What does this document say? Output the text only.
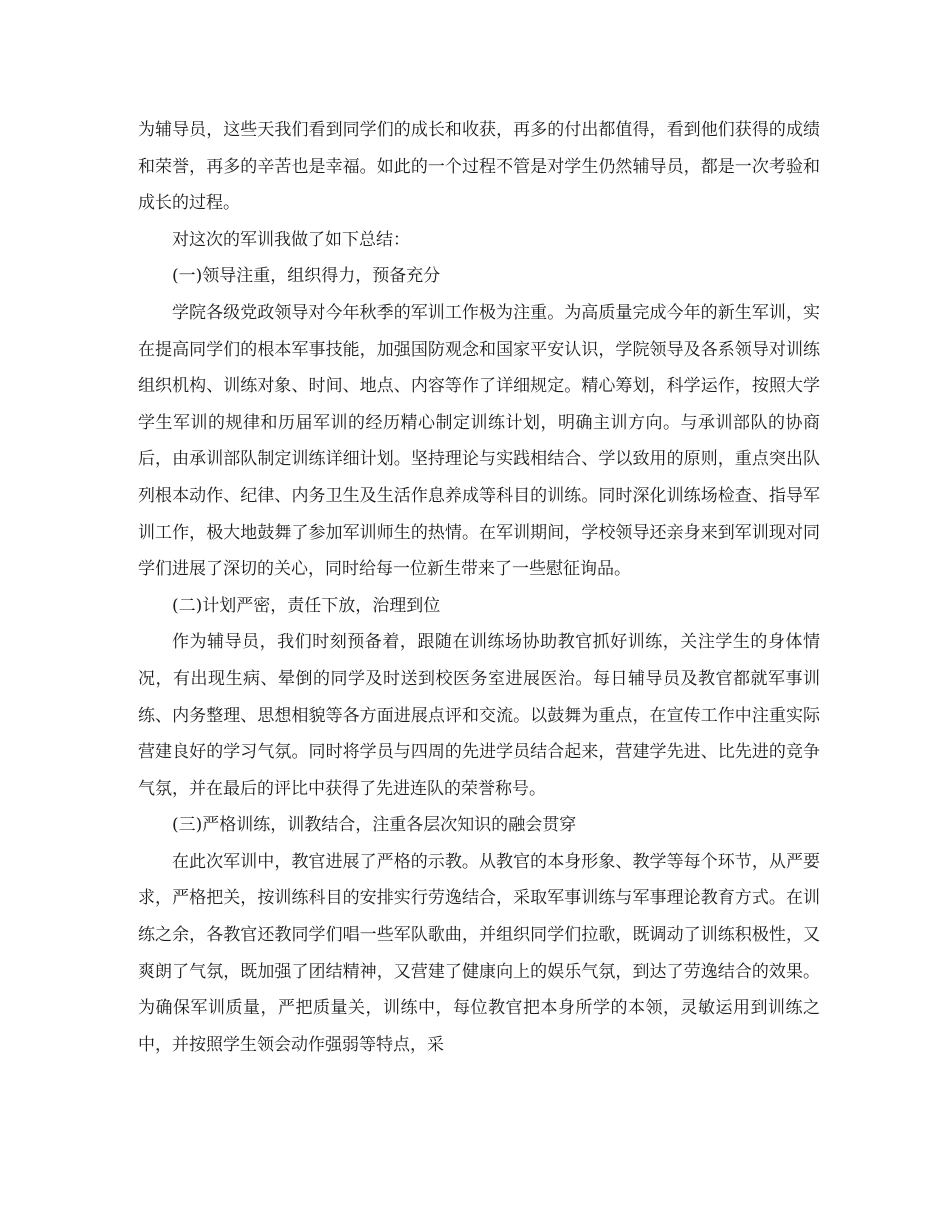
为辅导员，这些天我们看到同学们的成长和收获，再多的付出都值得，看到他们获得的成绩和荣誉，再多的辛苦也是幸福。如此的一个过程不管是对学生仍然辅导员，都是一次考验和成长的过程。

对这次的军训我做了如下总结：

(一)领导注重，组织得力，预备充分

学院各级党政领导对今年秋季的军训工作极为注重。为高质量完成今年的新生军训，实在提高同学们的根本军事技能，加强国防观念和国家平安认识，学院领导及各系领导对训练组织机构、训练对象、时间、地点、内容等作了详细规定。精心筹划，科学运作，按照大学学生军训的规律和历届军训的经历精心制定训练计划，明确主训方向。与承训部队的协商后，由承训部队制定训练详细计划。坚持理论与实践相结合、学以致用的原则，重点突出队列根本动作、纪律、内务卫生及生活作息养成等科目的训练。同时深化训练场检查、指导军训工作，极大地鼓舞了参加军训师生的热情。在军训期间，学校领导还亲身来到军训现对同学们进展了深切的关心，同时给每一位新生带来了一些慰征询品。

(二)计划严密，责任下放，治理到位

作为辅导员，我们时刻预备着，跟随在训练场协助教官抓好训练，关注学生的身体情况，有出现生病、晕倒的同学及时送到校医务室进展医治。每日辅导员及教官都就军事训练、内务整理、思想相貌等各方面进展点评和交流。以鼓舞为重点，在宣传工作中注重实际营建良好的学习气氛。同时将学员与四周的先进学员结合起来，营建学先进、比先进的竞争气氛，并在最后的评比中获得了先进连队的荣誉称号。

(三)严格训练，训教结合，注重各层次知识的融会贯穿

在此次军训中，教官进展了严格的示教。从教官的本身形象、教学等每个环节，从严要求，严格把关，按训练科目的安排实行劳逸结合，采取军事训练与军事理论教育方式。在训练之余，各教官还教同学们唱一些军队歌曲，并组织同学们拉歌，既调动了训练积极性，又爽朗了气氛，既加强了团结精神，又营建了健康向上的娱乐气氛，到达了劳逸结合的效果。为确保军训质量，严把质量关，训练中，每位教官把本身所学的本领，灵敏运用到训练之中，并按照学生领会动作强弱等特点，采
